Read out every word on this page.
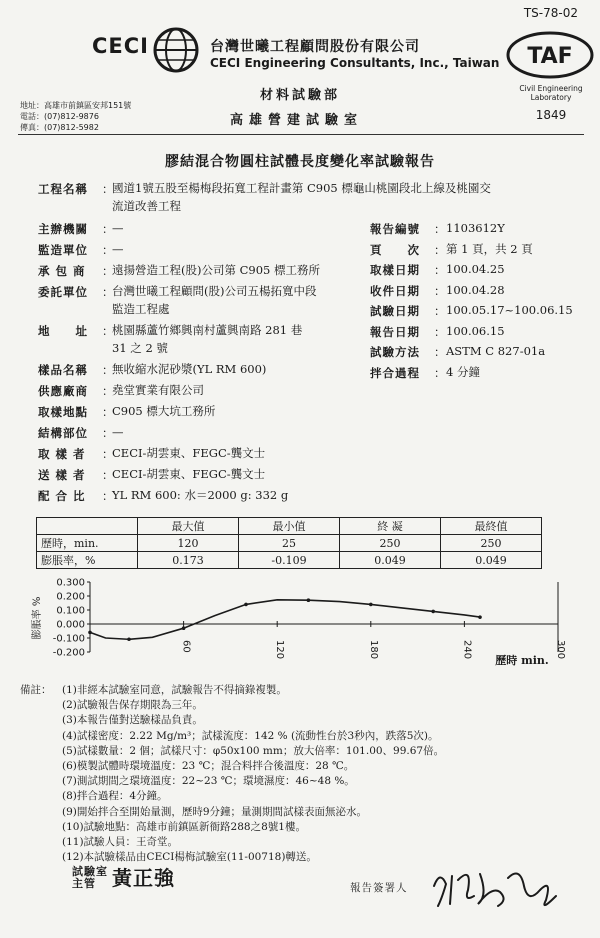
TS-78-02
CECI	台灣世曦工程顧問股份有限公司
CECI Engineering Consultants, Inc., Taiwan TAF
Civil Engineering Laboratory
1849
材料試驗部
高雄營建試驗室
地址：高雄市前鎮區安邦151號
電話：(07)812-9876
傳真：(07)812-5982
膠結混合物圓柱試體長度變化率試驗報告
工程名稱 ：
國道1號五股至楊梅段拓寬工程計畫第 C905 標龜山桃園段北上線及桃園交
流道改善工程
主辦機關 ：
—
監造單位 ：
—
承 包 商 ：
遠揚營造工程(股)公司第 C905 標工務所
委託單位 ：
台灣世曦工程顧問(股)公司五楊拓寬中段
監造工程處
地　　址 ：
桃園縣蘆竹鄉興南村蘆興南路 281 巷
31 之 2 號
樣品名稱 ：
無收縮水泥砂漿(YL RM 600)
供應廠商 ：
堯堂實業有限公司
取樣地點 ：
C905 標大坑工務所
結構部位 ：
—
取 樣 者 ：
CECI-胡雲東、FEGC-龔文士
送 樣 者 ：
CECI-胡雲東、FEGC-龔文士
配 合 比 ：
YL RM 600: 水＝2000 g: 332 g
報告編號 ： 1103612Y
頁　　次 ： 第 1 頁，共 2 頁
取樣日期 ： 100.04.25
收件日期 ： 100.04.28
試驗日期 ： 100.05.17~100.06.15
報告日期 ： 100.06.15
試驗方法 ： ASTM C 827-01a
拌合過程 ： 4 分鐘
	最大值	最小值	終 凝	最終值
歷時，min.	120	25	250	250
膨脹率，%	0.173	-0.109	0.049	0.049
0.300
0.200
0.100
0.000
-0.100
-0.200
60	120	180	240	300
膨脹率 %
歷時 min.
備註： (1)非經本試驗室同意，試驗報告不得摘錄複製。
(2)試驗報告保存期限為三年。
(3)本報告僅對送驗樣品負責。
(4)試樣密度：2.22 Mg/m³；試樣流度：142 % (流動性台於3秒內，跌落5次)。
(5)試樣數量：2 個；試樣尺寸：φ50x100 mm；放大倍率：101.00、99.67倍。
(6)模製試體時環境溫度：23 ℃；混合料拌合後溫度：28 ℃。
(7)測試期間之環境溫度：22~23 ℃；環境濕度：46~48 %。
(8)拌合過程：4分鐘。
(9)開始拌合至開始量測，歷時9分鐘；量測期間試樣表面無泌水。
(10)試驗地點：高雄市前鎮區新衙路288之8號1樓。
(11)試驗人員：王奇堂。
(12)本試驗樣品由CECI楊梅試驗室(11-00718)轉送。
試驗室
主管 黃正強	報告簽署人
